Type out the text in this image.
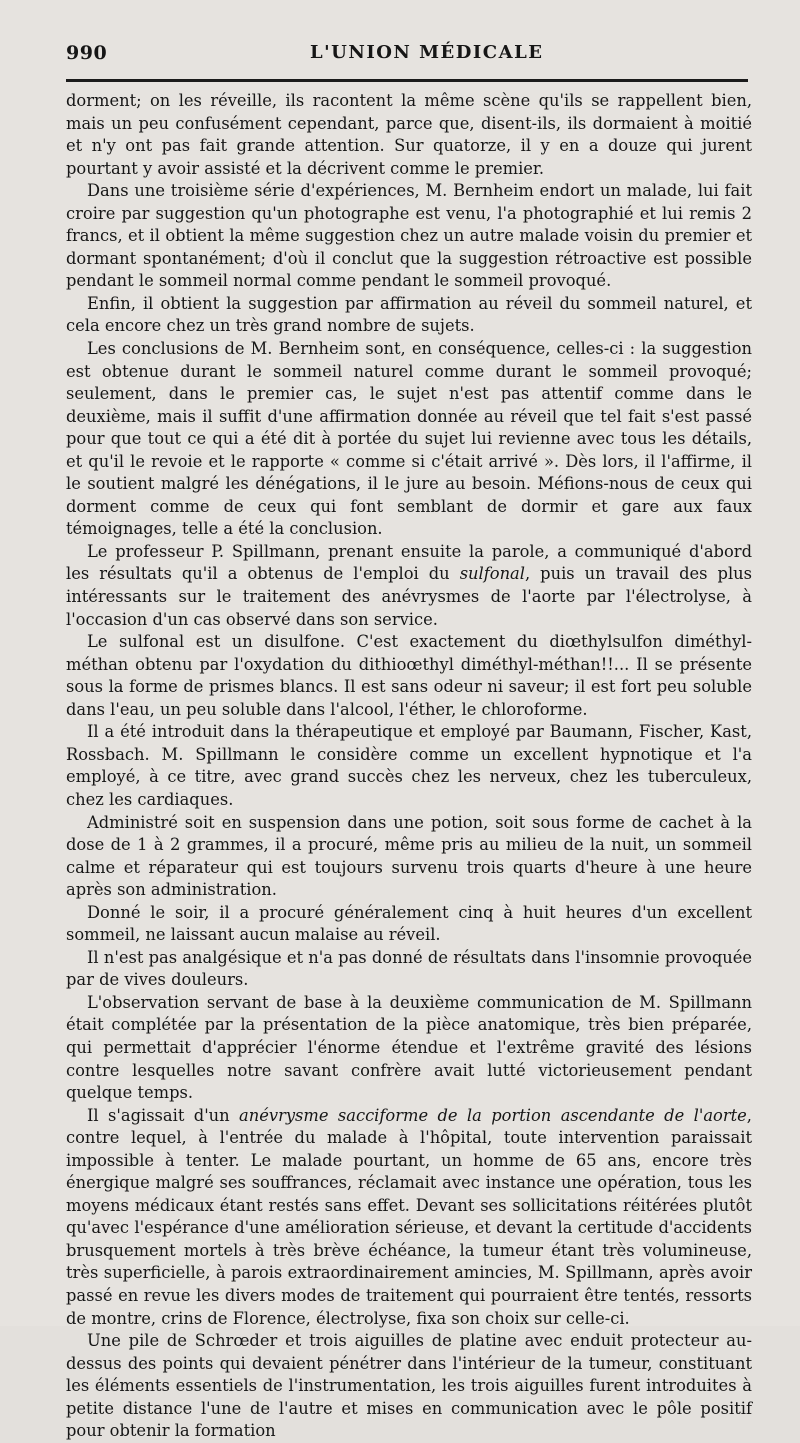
990	L'UNION MÉDICALE

dorment; on les réveille, ils racontent la même scène qu'ils se rappellent bien, mais un peu confusément cependant, parce que, disent-ils, ils dormaient à moitié et n'y ont pas fait grande attention. Sur quatorze, il y en a douze qui jurent pourtant y avoir assisté et la décrivent comme le premier.

Dans une troisième série d'expériences, M. Bernheim endort un malade, lui fait croire par suggestion qu'un photographe est venu, l'a photographié et lui remis 2 francs, et il obtient la même suggestion chez un autre malade voisin du premier et dormant spontanément; d'où il conclut que la suggestion rétroactive est possible pendant le sommeil normal comme pendant le sommeil provoqué.

Enfin, il obtient la suggestion par affirmation au réveil du sommeil naturel, et cela encore chez un très grand nombre de sujets.

Les conclusions de M. Bernheim sont, en conséquence, celles-ci : la suggestion est obtenue durant le sommeil naturel comme durant le sommeil provoqué; seulement, dans le premier cas, le sujet n'est pas attentif comme dans le deuxième, mais il suffit d'une affirmation donnée au réveil que tel fait s'est passé pour que tout ce qui a été dit à portée du sujet lui revienne avec tous les détails, et qu'il le revoie et le rapporte « comme si c'était arrivé ». Dès lors, il l'affirme, il le soutient malgré les dénégations, il le jure au besoin. Méfions-nous de ceux qui dorment comme de ceux qui font semblant de dormir et gare aux faux témoignages, telle a été la conclusion.

Le professeur P. Spillmann, prenant ensuite la parole, a communiqué d'abord les résultats qu'il a obtenus de l'emploi du sulfonal, puis un travail des plus intéressants sur le traitement des anévrysmes de l'aorte par l'électrolyse, à l'occasion d'un cas observé dans son service.

Le sulfonal est un disulfone. C'est exactement du diœthylsulfon diméthyl-méthan obtenu par l'oxydation du dithioœthyl diméthyl-méthan!!... Il se présente sous la forme de prismes blancs. Il est sans odeur ni saveur; il est fort peu soluble dans l'eau, un peu soluble dans l'alcool, l'éther, le chloroforme.

Il a été introduit dans la thérapeutique et employé par Baumann, Fischer, Kast, Rossbach. M. Spillmann le considère comme un excellent hypnotique et l'a employé, à ce titre, avec grand succès chez les nerveux, chez les tuberculeux, chez les cardiaques.

Administré soit en suspension dans une potion, soit sous forme de cachet à la dose de 1 à 2 grammes, il a procuré, même pris au milieu de la nuit, un sommeil calme et réparateur qui est toujours survenu trois quarts d'heure à une heure après son administration.

Donné le soir, il a procuré généralement cinq à huit heures d'un excellent sommeil, ne laissant aucun malaise au réveil.

Il n'est pas analgésique et n'a pas donné de résultats dans l'insomnie provoquée par de vives douleurs.

L'observation servant de base à la deuxième communication de M. Spillmann était complétée par la présentation de la pièce anatomique, très bien préparée, qui permettait d'apprécier l'énorme étendue et l'extrême gravité des lésions contre lesquelles notre savant confrère avait lutté victorieusement pendant quelque temps.

Il s'agissait d'un anévrysme sacciforme de la portion ascendante de l'aorte, contre lequel, à l'entrée du malade à l'hôpital, toute intervention paraissait impossible à tenter. Le malade pourtant, un homme de 65 ans, encore très énergique malgré ses souffrances, réclamait avec instance une opération, tous les moyens médicaux étant restés sans effet. Devant ses sollicitations réitérées plutôt qu'avec l'espérance d'une amélioration sérieuse, et devant la certitude d'accidents brusquement mortels à très brève échéance, la tumeur étant très volumineuse, très superficielle, à parois extraordinairement amincies, M. Spillmann, après avoir passé en revue les divers modes de traitement qui pourraient être tentés, ressorts de montre, crins de Florence, électrolyse, fixa son choix sur celle-ci.

Une pile de Schrœder et trois aiguilles de platine avec enduit protecteur au-dessus des points qui devaient pénétrer dans l'intérieur de la tumeur, constituant les éléments essentiels de l'instrumentation, les trois aiguilles furent introduites à petite distance l'une de l'autre et mises en communication avec le pôle positif pour obtenir la formation
